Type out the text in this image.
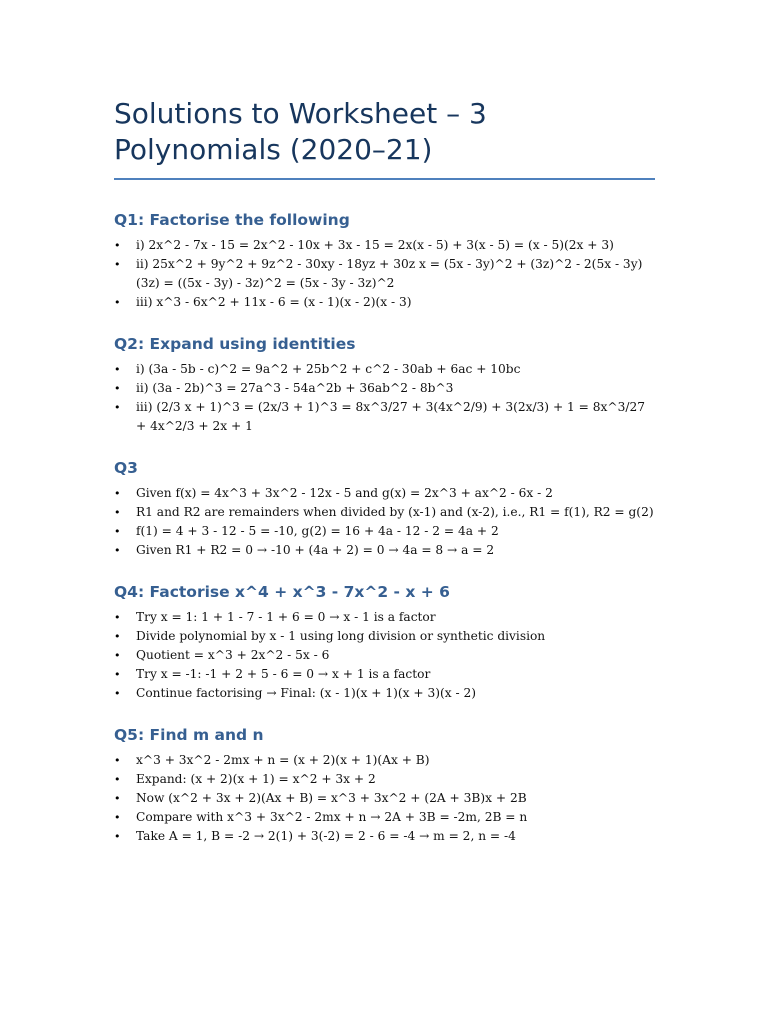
Solutions to Worksheet – 3 Polynomials (2020–21)
Q1: Factorise the following
• i) 2x^2 - 7x - 15 = 2x^2 - 10x + 3x - 15 = 2x(x - 5) + 3(x - 5) = (x - 5)(2x + 3)
• ii) 25x^2 + 9y^2 + 9z^2 - 30xy - 18yz + 30z x = (5x - 3y)^2 + (3z)^2 - 2(5x - 3y)(3z) = ((5x - 3y) - 3z)^2 = (5x - 3y - 3z)^2
• iii) x^3 - 6x^2 + 11x - 6 = (x - 1)(x - 2)(x - 3)
Q2: Expand using identities
• i) (3a - 5b - c)^2 = 9a^2 + 25b^2 + c^2 - 30ab + 6ac + 10bc
• ii) (3a - 2b)^3 = 27a^3 - 54a^2b + 36ab^2 - 8b^3
• iii) (2/3 x + 1)^3 = (2x/3 + 1)^3 = 8x^3/27 + 3(4x^2/9) + 3(2x/3) + 1 = 8x^3/27 + 4x^2/3 + 2x + 1
Q3
• Given f(x) = 4x^3 + 3x^2 - 12x - 5 and g(x) = 2x^3 + ax^2 - 6x - 2
• R1 and R2 are remainders when divided by (x-1) and (x-2), i.e., R1 = f(1), R2 = g(2)
• f(1) = 4 + 3 - 12 - 5 = -10, g(2) = 16 + 4a - 12 - 2 = 4a + 2
• Given R1 + R2 = 0 → -10 + (4a + 2) = 0 → 4a = 8 → a = 2
Q4: Factorise x^4 + x^3 - 7x^2 - x + 6
• Try x = 1: 1 + 1 - 7 - 1 + 6 = 0 → x - 1 is a factor
• Divide polynomial by x - 1 using long division or synthetic division
• Quotient = x^3 + 2x^2 - 5x - 6
• Try x = -1: -1 + 2 + 5 - 6 = 0 → x + 1 is a factor
• Continue factorising → Final: (x - 1)(x + 1)(x + 3)(x - 2)
Q5: Find m and n
• x^3 + 3x^2 - 2mx + n = (x + 2)(x + 1)(Ax + B)
• Expand: (x + 2)(x + 1) = x^2 + 3x + 2
• Now (x^2 + 3x + 2)(Ax + B) = x^3 + 3x^2 + (2A + 3B)x + 2B
• Compare with x^3 + 3x^2 - 2mx + n → 2A + 3B = -2m, 2B = n
• Take A = 1, B = -2 → 2(1) + 3(-2) = 2 - 6 = -4 → m = 2, n = -4
